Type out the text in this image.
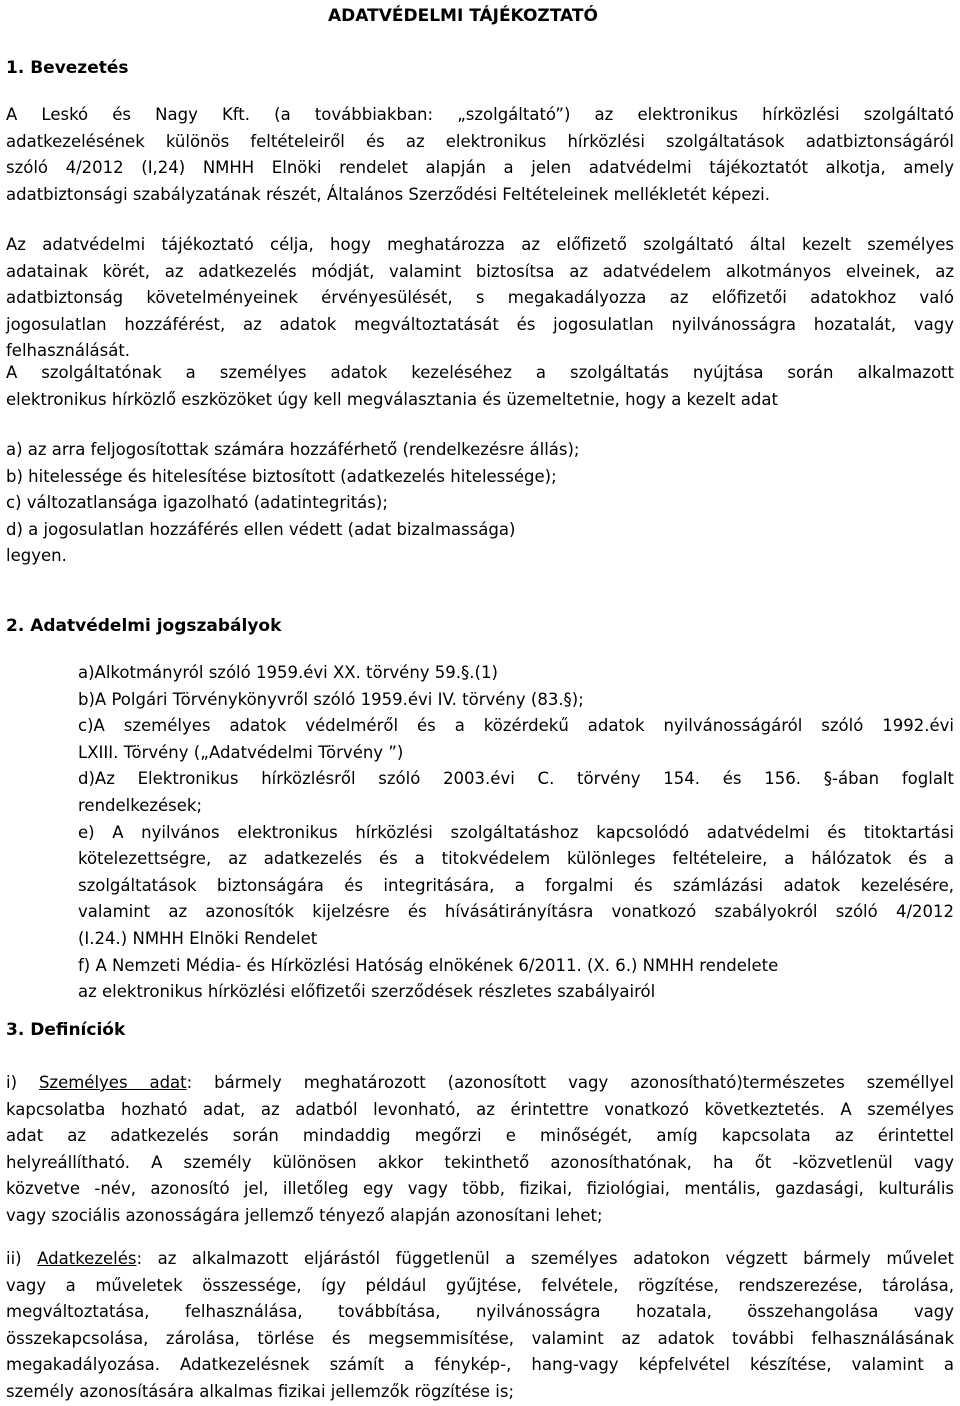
ADATVÉDELMI TÁJÉKOZTATÓ
1. Bevezetés
A Leskó és Nagy Kft. (a továbbiakban: „szolgáltató”) az elektronikus hírközlési szolgáltató
adatkezelésének különös feltételeiről és az elektronikus hírközlési szolgáltatások adatbiztonságáról
szóló 4/2012 (I,24) NMHH Elnöki rendelet alapján a jelen adatvédelmi tájékoztatót alkotja, amely
adatbiztonsági szabályzatának részét, Általános Szerződési Feltételeinek mellékletét képezi.
Az adatvédelmi tájékoztató célja, hogy meghatározza az előfizető szolgáltató által kezelt személyes
adatainak körét, az adatkezelés módját, valamint biztosítsa az adatvédelem alkotmányos elveinek, az
adatbiztonság követelményeinek érvényesülését, s megakadályozza az előfizetői adatokhoz való
jogosulatlan hozzáférést, az adatok megváltoztatását és jogosulatlan nyilvánosságra hozatalát, vagy
felhasználását.
A szolgáltatónak a személyes adatok kezeléséhez a szolgáltatás nyújtása során alkalmazott
elektronikus hírközlő eszközöket úgy kell megválasztania és üzemeltetnie, hogy a kezelt adat
a) az arra feljogosítottak számára hozzáférhető (rendelkezésre állás);
b) hitelessége és hitelesítése biztosított (adatkezelés hitelessége);
c) változatlansága igazolható (adatintegritás);
d) a jogosulatlan hozzáférés ellen védett (adat bizalmassága)
legyen.
2. Adatvédelmi jogszabályok
a)Alkotmányról szóló 1959.évi XX. törvény 59.§.(1)
b)A Polgári Törvénykönyvről szóló 1959.évi IV. törvény (83.§);
c)A személyes adatok védelméről és a közérdekű adatok nyilvánosságáról szóló 1992.évi
LXIII. Törvény („Adatvédelmi Törvény ”)
d)Az Elektronikus hírközlésről szóló 2003.évi C. törvény 154. és 156. §-ában foglalt
rendelkezések;
e) A nyilvános elektronikus hírközlési szolgáltatáshoz kapcsolódó adatvédelmi és titoktartási
kötelezettségre, az adatkezelés és a titokvédelem különleges feltételeire, a hálózatok és a
szolgáltatások biztonságára és integritására, a forgalmi és számlázási adatok kezelésére,
valamint az azonosítók kijelzésre és hívásátirányításra vonatkozó szabályokról szóló 4/2012
(I.24.) NMHH Elnöki Rendelet
f) A Nemzeti Média- és Hírközlési Hatóság elnökének 6/2011. (X. 6.) NMHH rendelete
az elektronikus hírközlési előfizetői szerződések részletes szabályairól
3. Definíciók
i) Személyes adat: bármely meghatározott (azonosított vagy azonosítható)természetes személlyel
kapcsolatba hozható adat, az adatból levonható, az érintettre vonatkozó következtetés. A személyes
adat az adatkezelés során mindaddig megőrzi e minőségét, amíg kapcsolata az érintettel
helyreállítható. A személy különösen akkor tekinthető azonosíthatónak, ha őt -közvetlenül vagy
közvetve -név, azonosító jel, illetőleg egy vagy több, fizikai, fiziológiai, mentális, gazdasági, kulturális
vagy szociális azonosságára jellemző tényező alapján azonosítani lehet;
ii) Adatkezelés: az alkalmazott eljárástól függetlenül a személyes adatokon végzett bármely művelet
vagy a műveletek összessége, így például gyűjtése, felvétele, rögzítése, rendszerezése, tárolása,
megváltoztatása, felhasználása, továbbítása, nyilvánosságra hozatala, összehangolása vagy
összekapcsolása, zárolása, törlése és megsemmisítése, valamint az adatok további felhasználásának
megakadályozása. Adatkezelésnek számít a fénykép-, hang-vagy képfelvétel készítése, valamint a
személy azonosítására alkalmas fizikai jellemzők rögzítése is;
